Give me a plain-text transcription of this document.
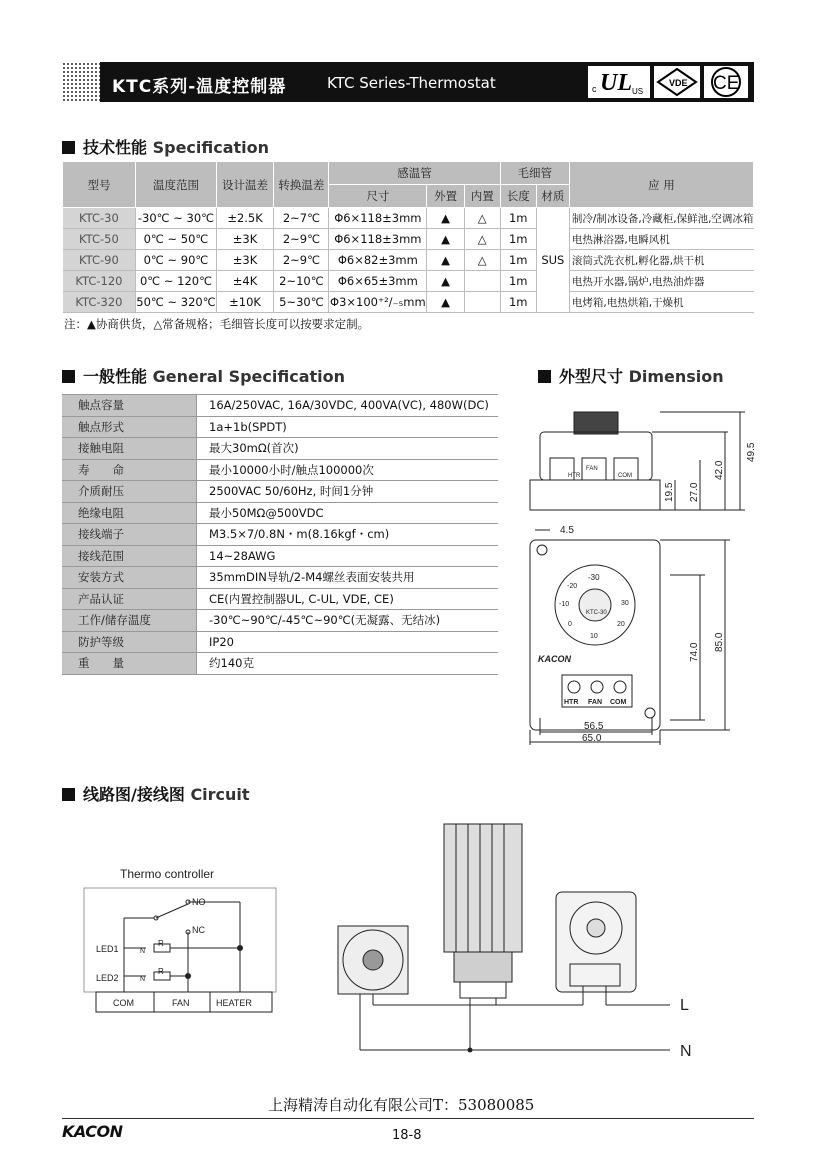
KTC系列-温度控制器	KTC Series-Thermostat	c UL US
VDE CE
技术性能 Specification
型号	温度范围	设计温差	转换温差	感温管			毛细管		应 用
				尺寸	外置	内置	长度	材质	
KTC-30	-30℃ ~ 30℃	±2.5K	2~7℃	Φ6×118±3mm	▲	△	1m	SUS	制冷/制冰设备,冷藏柜,保鲜池,空调冰箱
KTC-50	0℃ ~ 50℃	±3K	2~9℃	Φ6×118±3mm	▲	△	1m		电热淋浴器,电瞬风机
KTC-90	0℃ ~ 90℃	±3K	2~9℃	Φ6×82±3mm	▲	△	1m		滚筒式洗衣机,孵化器,烘干机
KTC-120	0℃ ~ 120℃	±4K	2~10℃	Φ6×65±3mm	▲		1m		电热开水器,锅炉,电热油炸器
KTC-320	50℃ ~ 320℃	±10K	5~30℃	Φ3×100⁺²/₋₅mm	▲		1m		电烤箱,电热烘箱,干燥机
注：▲协商供货，△常备规格；毛细管长度可以按要求定制。
一般性能 General Specification
触点容量	16A/250VAC, 16A/30VDC, 400VA(VC), 480W(DC)
触点形式	1a+1b(SPDT)
接触电阻	最大30mΩ(首次)
寿　　命	最小10000小时/触点100000次
介质耐压	2500VAC 50/60Hz, 时间1分钟
绝缘电阻	最小50MΩ@500VDC
接线端子	M3.5×7/0.8N・m(8.16kgf・cm)
接线范围	14~28AWG
安装方式	35mmDIN导轨/2-M4螺丝表面安装共用
产品认证	CE(内置控制器UL, C-UL, VDE, CE)
工作/储存温度	-30℃~90℃/-45℃~90℃(无凝露、无结冰)
防护等级	IP20
重　　量	约140克
外型尺寸 Dimension
HTR
FAN
COM
49.5
42.0
27.0
19.5
4.5
74.0
85.0
56.5
65.0
-30
-20
-10
0
10
20
30
KTC-30
KACON
HTR FAN COM
线路图/接线图 Circuit
Thermo controller
NO
NC
LED1
LED2
R
R
N
N
COM	FAN	HEATER	L
N
上海精涛自动化有限公司T：53080085
KACON	18-8
